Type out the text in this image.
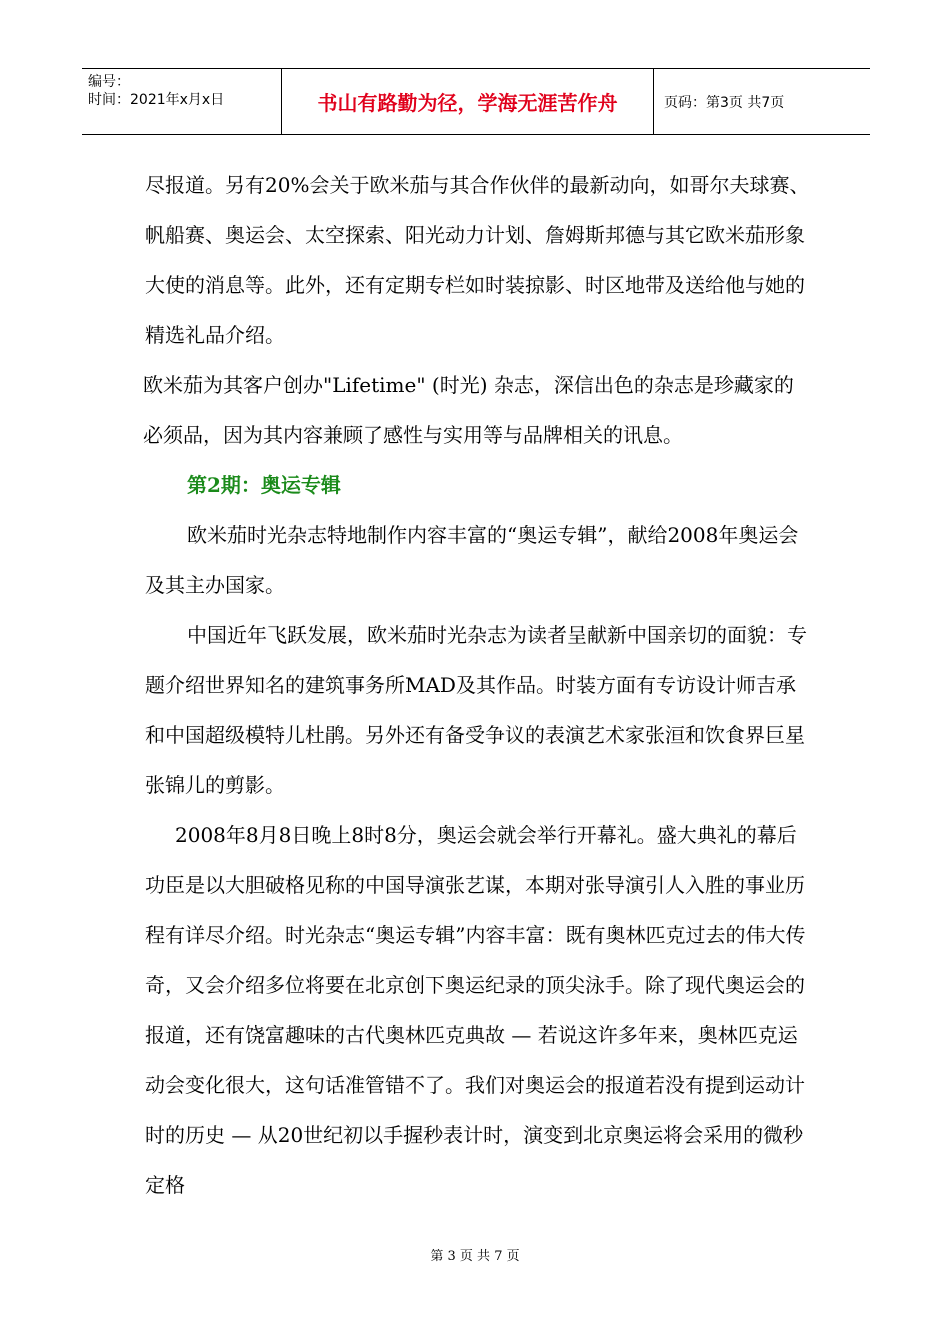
编号：
时间：2021年x月x日	书山有路勤为径，学海无涯苦作舟	页码：第3页 共7页

尽报道。另有20%会关于欧米茄与其合作伙伴的最新动向，如哥尔夫球赛、帆船赛、奥运会、太空探索、阳光动力计划、詹姆斯邦德与其它欧米茄形象大使的消息等。此外，还有定期专栏如时装掠影、时区地带及送给他与她的精选礼品介绍。

欧米茄为其客户创办"Lifetime" (时光) 杂志，深信出色的杂志是珍藏家的必须品，因为其内容兼顾了感性与实用等与品牌相关的讯息。

第2期：奥运专辑

欧米茄时光杂志特地制作内容丰富的“奥运专辑”，献给2008年奥运会及其主办国家。

中国近年飞跃发展，欧米茄时光杂志为读者呈献新中国亲切的面貌：专题介绍世界知名的建筑事务所MAD及其作品。时装方面有专访设计师吉承和中国超级模特儿杜鹃。另外还有备受争议的表演艺术家张洹和饮食界巨星张锦儿的剪影。

2008年8月8日晚上8时8分，奥运会就会举行开幕礼。盛大典礼的幕后功臣是以大胆破格见称的中国导演张艺谋，本期对张导演引人入胜的事业历程有详尽介绍。时光杂志“奥运专辑”内容丰富：既有奥林匹克过去的伟大传奇，又会介绍多位将要在北京创下奥运纪录的顶尖泳手。除了现代奥运会的报道，还有饶富趣味的古代奥林匹克典故 — 若说这许多年来，奥林匹克运动会变化很大，这句话准管错不了。我们对奥运会的报道若没有提到运动计时的历史 — 从20世纪初以手握秒表计时，演变到北京奥运将会采用的微秒定格

第 3 页 共 7 页
